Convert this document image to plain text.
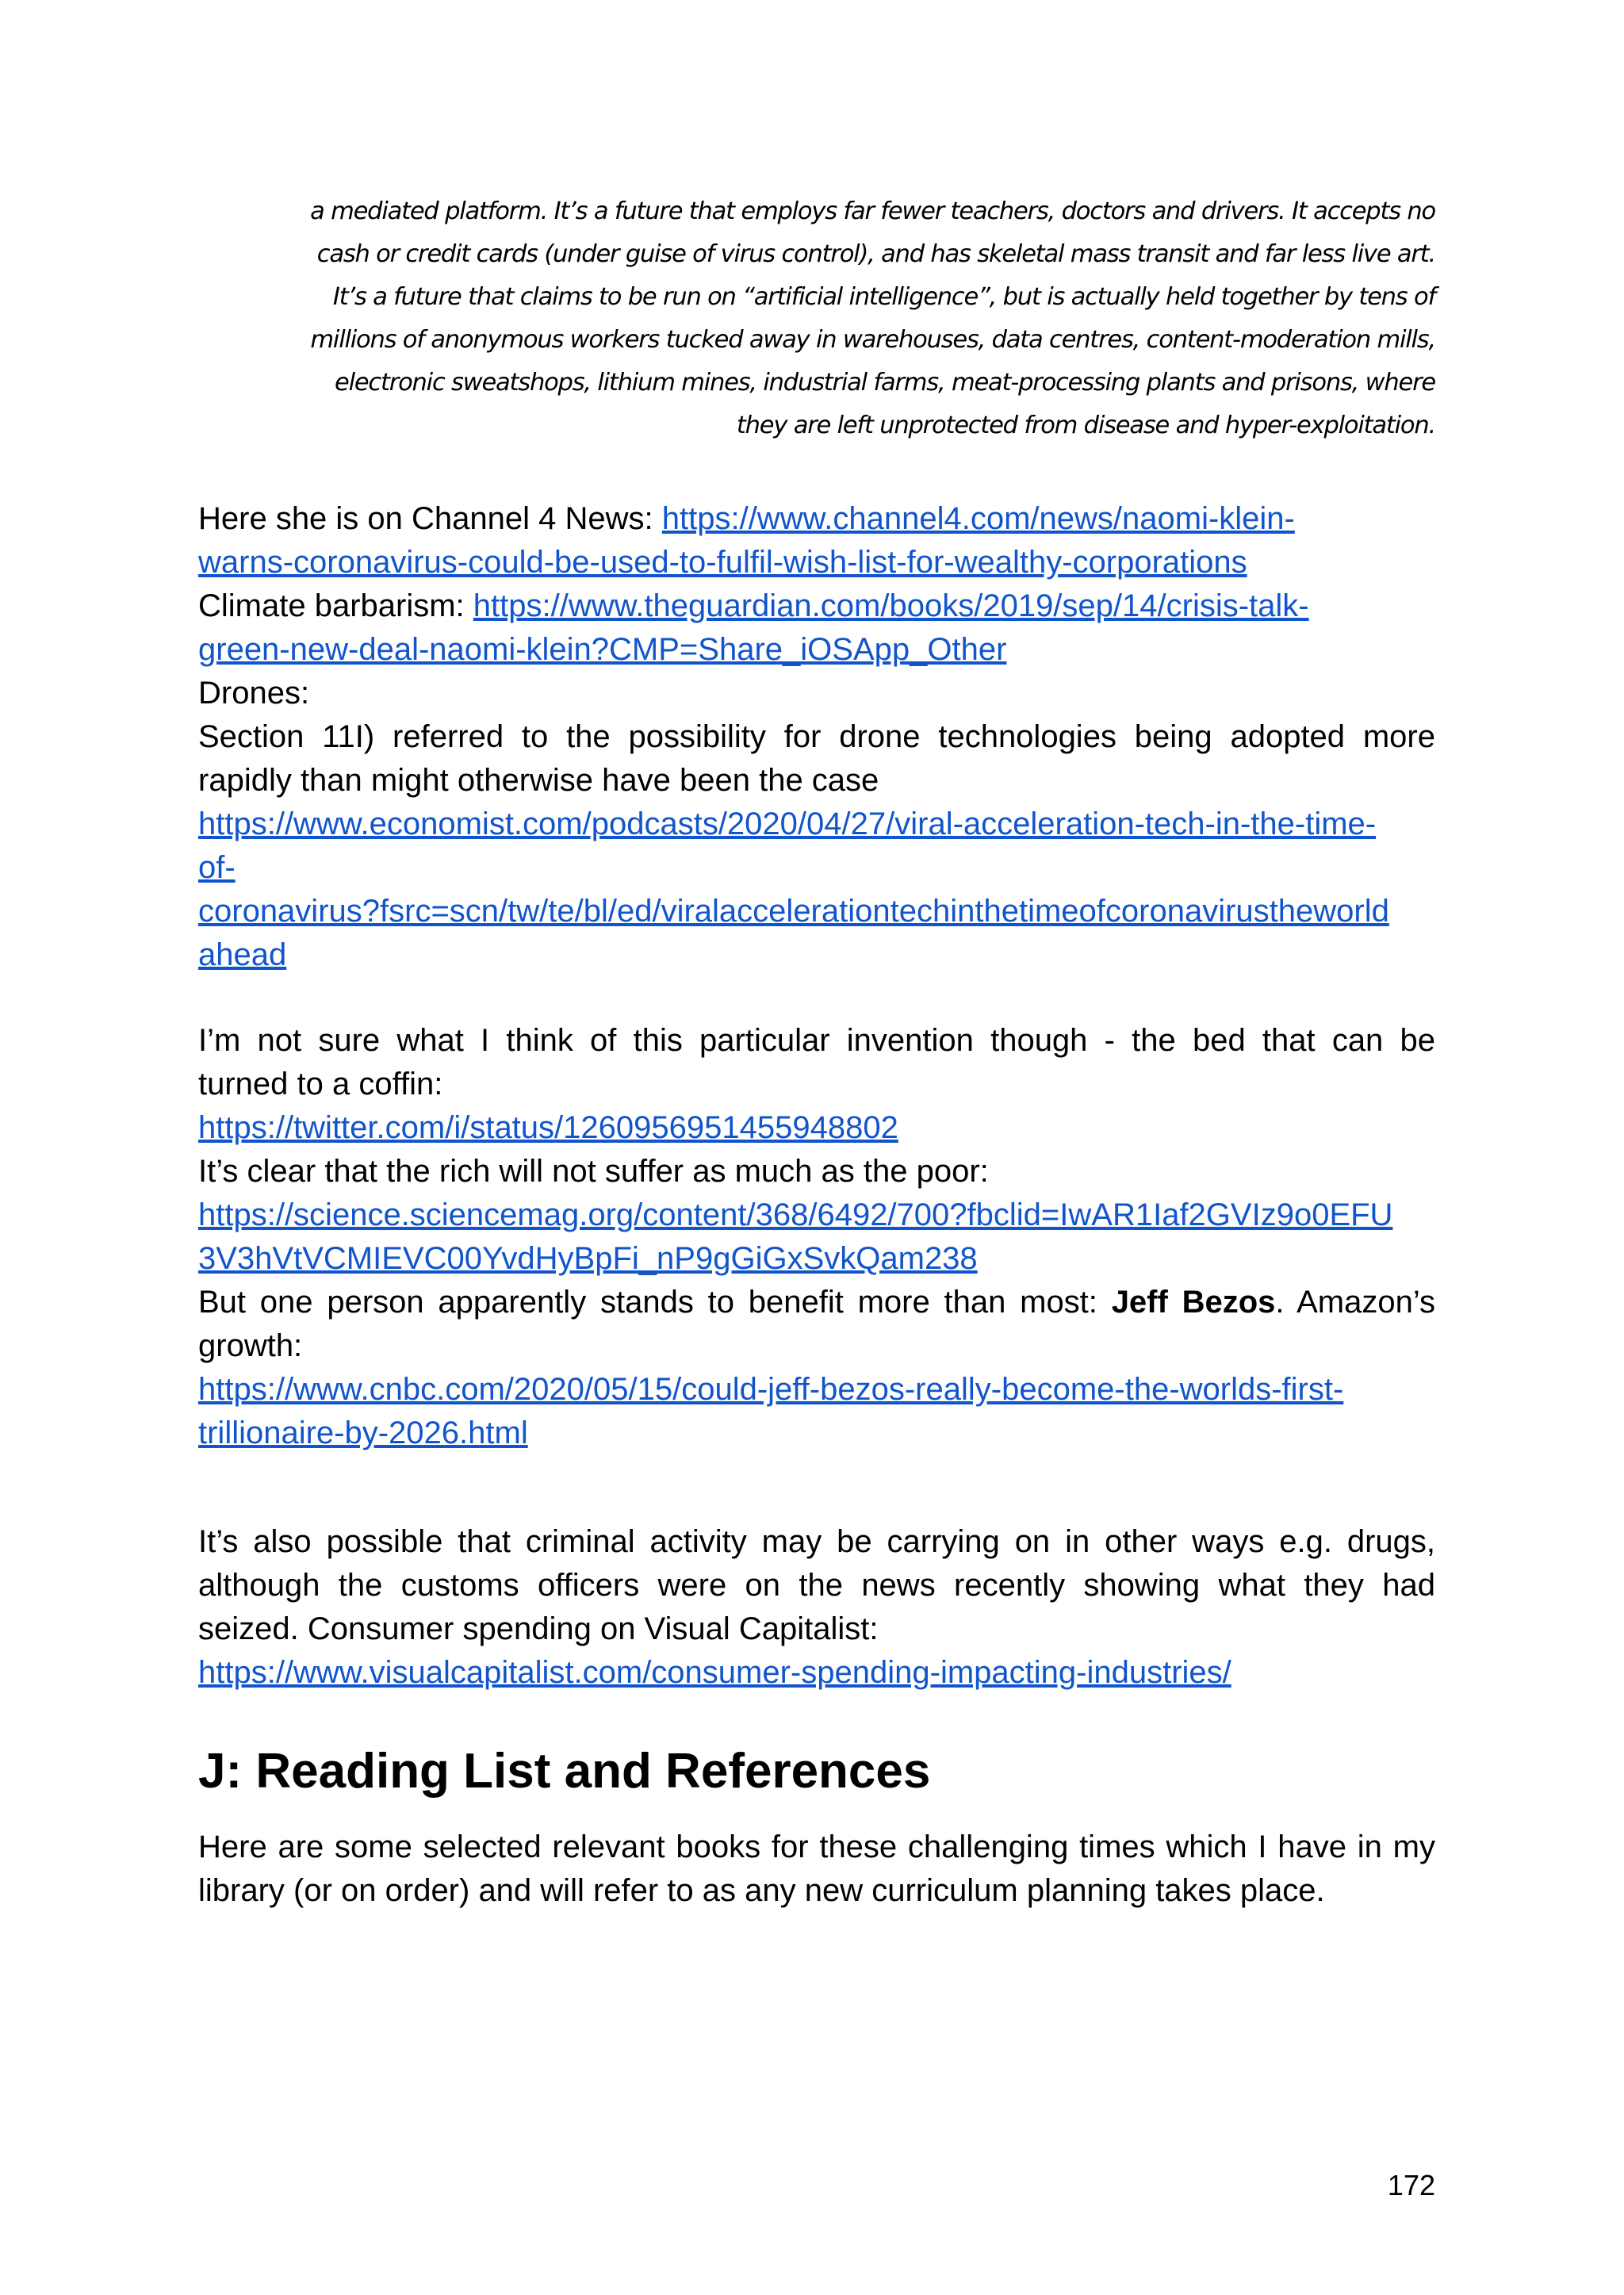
a mediated platform. It’s a future that employs far fewer teachers, doctors and drivers. It accepts no
cash or credit cards (under guise of virus control), and has skeletal mass transit and far less live art.
It’s a future that claims to be run on “artificial intelligence”, but is actually held together by tens of
millions of anonymous workers tucked away in warehouses, data centres, content-moderation mills,
electronic sweatshops, lithium mines, industrial farms, meat-processing plants and prisons, where
they are left unprotected from disease and hyper-exploitation.
Here she is on Channel 4 News: https://www.channel4.com/news/naomi-klein-
warns-coronavirus-could-be-used-to-fulfil-wish-list-for-wealthy-corporations
Climate barbarism: https://www.theguardian.com/books/2019/sep/14/crisis-talk-
green-new-deal-naomi-klein?CMP=Share_iOSApp_Other
Drones:
Section 11I) referred to the possibility for drone technologies being adopted more
rapidly than might otherwise have been the case
https://www.economist.com/podcasts/2020/04/27/viral-acceleration-tech-in-the-time-
of-
coronavirus?fsrc=scn/tw/te/bl/ed/viralaccelerationtechinthetimeofcoronavirustheworld
ahead
I’m not sure what I think of this particular invention though - the bed that can be
turned to a coffin:
https://twitter.com/i/status/1260956951455948802
It’s clear that the rich will not suffer as much as the poor:
https://science.sciencemag.org/content/368/6492/700?fbclid=IwAR1Iaf2GVIz9o0EFU
3V3hVtVCMIEVC00YvdHyBpFi_nP9gGiGxSvkQam238
But one person apparently stands to benefit more than most: Jeff Bezos. Amazon’s
growth:
https://www.cnbc.com/2020/05/15/could-jeff-bezos-really-become-the-worlds-first-
trillionaire-by-2026.html
It’s also possible that criminal activity may be carrying on in other ways e.g. drugs,
although the customs officers were on the news recently showing what they had
seized. Consumer spending on Visual Capitalist:
https://www.visualcapitalist.com/consumer-spending-impacting-industries/
J: Reading List and References
Here are some selected relevant books for these challenging times which I have in my
library (or on order) and will refer to as any new curriculum planning takes place.
172
